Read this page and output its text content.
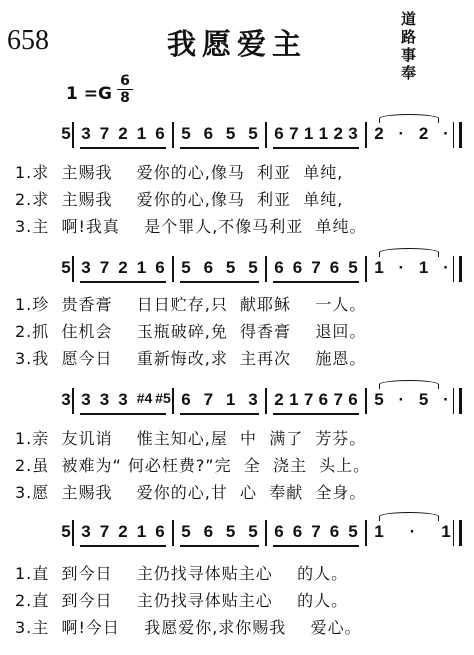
658	我愿爱主
道 路
事 奉
1 =G
6
8
5 3 7 2 1 6 5 6 5 5 6 7 1 1 2 3 2 · 2 ·
1.求  主赐我    爱你的心,像马  利亚  单纯,
2.求  主赐我    爱你的心,像马  利亚  单纯,
3.主  啊!我真    是个罪人,不像马利亚  单纯。
5 3 7 2 1 6 5 6 5 5 6 6 7 6 5 1 · 1 ·
1.珍  贵香膏    日日贮存,只  献耶稣    一人。
2.抓  住机会    玉瓶破碎,免  得香膏    退回。
3.我  愿今日    重新悔改,求  主再次    施恩。
3 3 3 3 #4 #5 6 7 1 3 2 1 7 6 7 6 5 · 5 ·
1.亲  友讥诮    惟主知心,屋  中  满了  芳芬。
2.虽  被难为“ 何必枉费?”完  全  浇主  头上。
3.愿  主赐我    爱你的心,甘  心  奉献  全身。
5 3 7 2 1 6 5 6 5 5 6 6 7 6 5 1 · 1
1.直  到今日    主仍找寻体贴主心    的人。
2.直  到今日    主仍找寻体贴主心    的人。
3.主  啊!今日    我愿爱你,求你赐我    爱心。
